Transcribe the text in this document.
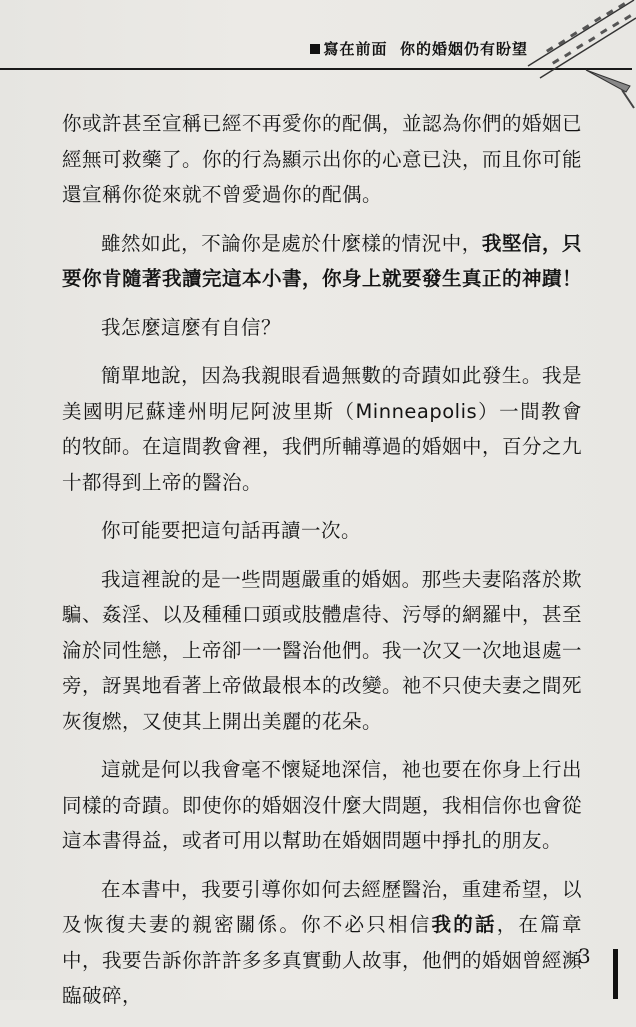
寫在前面 你的婚姻仍有盼望

你或許甚至宣稱已經不再愛你的配偶，並認為你們的婚姻已經無可救藥了。你的行為顯示出你的心意已決，而且你可能還宣稱你從來就不曾愛過你的配偶。

雖然如此，不論你是處於什麼樣的情況中，我堅信，只要你肯隨著我讀完這本小書，你身上就要發生真正的神蹟！

我怎麼這麼有自信？

簡單地說，因為我親眼看過無數的奇蹟如此發生。我是美國明尼蘇達州明尼阿波里斯（Minneapolis）一間教會的牧師。在這間教會裡，我們所輔導過的婚姻中，百分之九十都得到上帝的醫治。

你可能要把這句話再讀一次。

我這裡說的是一些問題嚴重的婚姻。那些夫妻陷落於欺騙、姦淫、以及種種口頭或肢體虐待、污辱的網羅中，甚至淪於同性戀，上帝卻一一醫治他們。我一次又一次地退處一旁，訝異地看著上帝做最根本的改變。祂不只使夫妻之間死灰復燃，又使其上開出美麗的花朵。

這就是何以我會毫不懷疑地深信，祂也要在你身上行出同樣的奇蹟。即使你的婚姻沒什麼大問題，我相信你也會從這本書得益，或者可用以幫助在婚姻問題中掙扎的朋友。

在本書中，我要引導你如何去經歷醫治，重建希望，以及恢復夫妻的親密關係。你不必只相信我的話，在篇章中，我要告訴你許許多多真實動人故事，他們的婚姻曾經瀕臨破碎，

3
